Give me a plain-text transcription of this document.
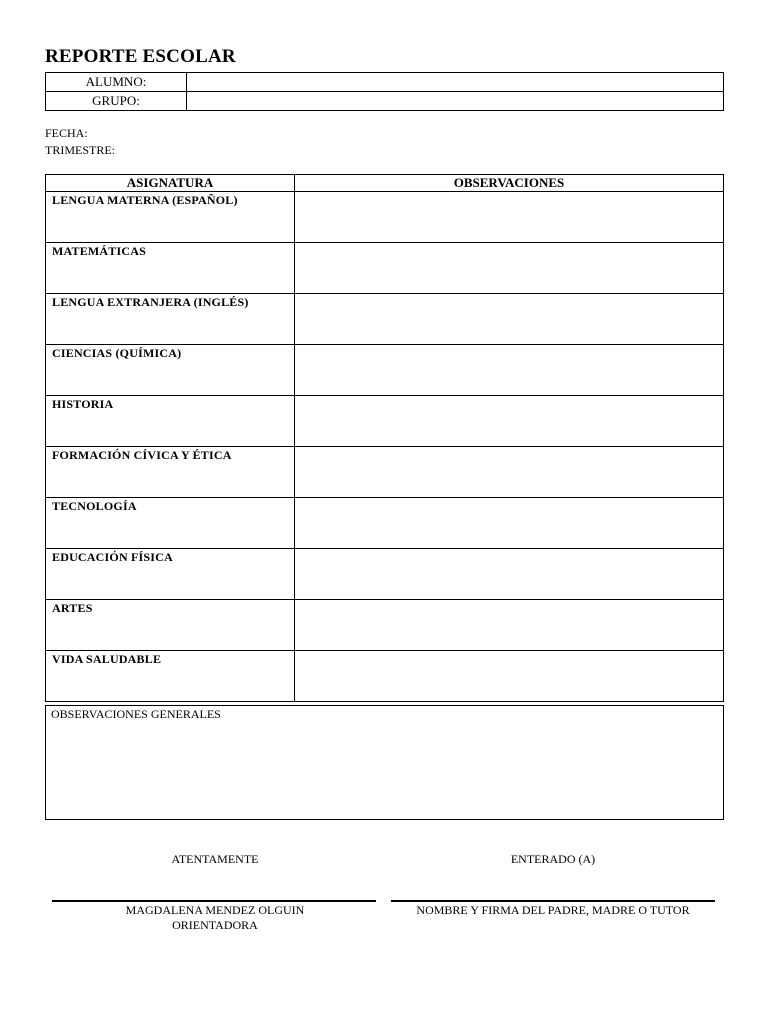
REPORTE ESCOLAR
ALUMNO:	
GRUPO:	
FECHA:
TRIMESTRE:
ASIGNATURA	OBSERVACIONES
LENGUA MATERNA (ESPAÑOL)	
MATEMÁTICAS	
LENGUA EXTRANJERA (INGLÉS)	
CIENCIAS (QUÍMICA)	
HISTORIA	
FORMACIÓN CÍVICA Y ÉTICA	
TECNOLOGÍA	
EDUCACIÓN FÍSICA	
ARTES	
VIDA SALUDABLE	
OBSERVACIONES GENERALES
ATENTAMENTE	ENTERADO (A)
MAGDALENA MENDEZ OLGUIN
ORIENTADORA
NOMBRE Y FIRMA DEL PADRE, MADRE O TUTOR
